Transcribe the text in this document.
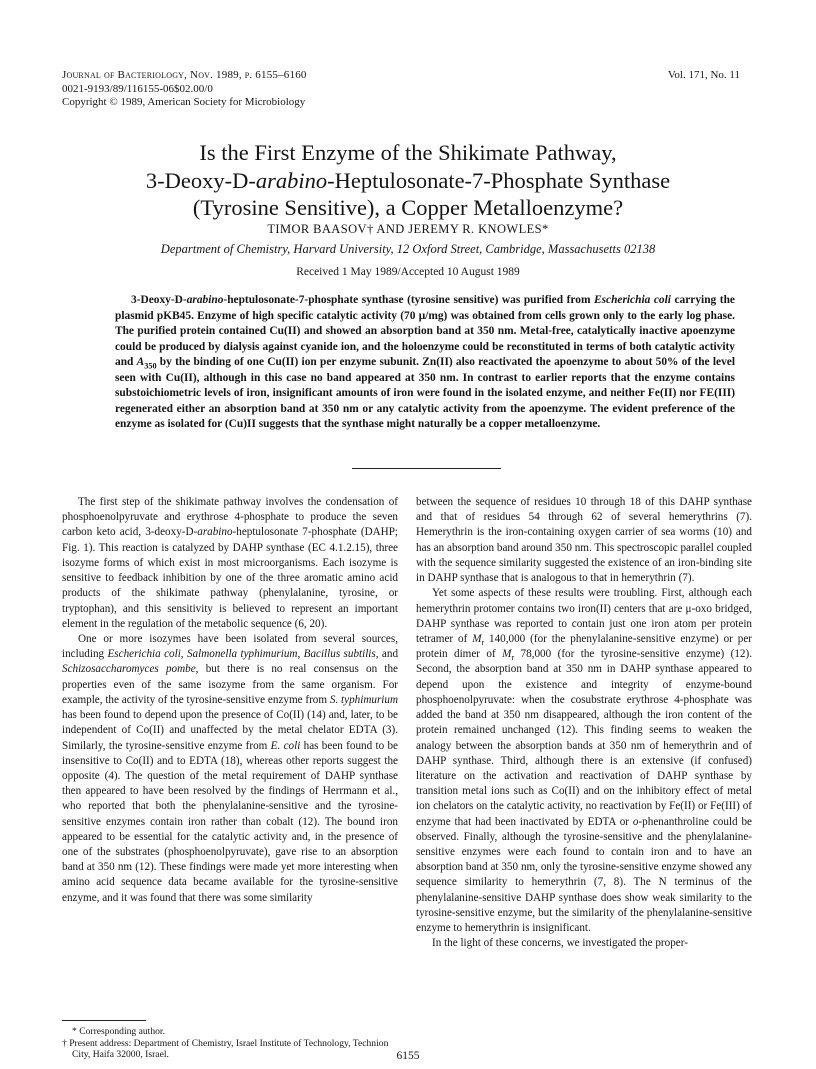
Journal of Bacteriology, Nov. 1989, p. 6155–6160
0021-9193/89/116155-06$02.00/0
Copyright © 1989, American Society for Microbiology
Vol. 171, No. 11
Is the First Enzyme of the Shikimate Pathway,
3-Deoxy-D-arabino-Heptulosonate-7-Phosphate Synthase
(Tyrosine Sensitive), a Copper Metalloenzyme?
TIMOR BAASOV† AND JEREMY R. KNOWLES*
Department of Chemistry, Harvard University, 12 Oxford Street, Cambridge, Massachusetts 02138
Received 1 May 1989/Accepted 10 August 1989
3-Deoxy-D-arabino-heptulosonate-7-phosphate synthase (tyrosine sensitive) was purified from Escherichia coli carrying the plasmid pKB45. Enzyme of high specific catalytic activity (70 μ/mg) was obtained from cells grown only to the early log phase. The purified protein contained Cu(II) and showed an absorption band at 350 nm. Metal-free, catalytically inactive apoenzyme could be produced by dialysis against cyanide ion, and the holoenzyme could be reconstituted in terms of both catalytic activity and $A_{350}$ by the binding of one Cu(II) ion per enzyme subunit. Zn(II) also reactivated the apoenzyme to about 50% of the level seen with Cu(II), although in this case no band appeared at 350 nm. In contrast to earlier reports that the enzyme contains substoichiometric levels of iron, insignificant amounts of iron were found in the isolated enzyme, and neither Fe(II) nor FE(III) regenerated either an absorption band at 350 nm or any catalytic activity from the apoenzyme. The evident preference of the enzyme as isolated for (Cu)II suggests that the synthase might naturally be a copper metalloenzyme.

The first step of the shikimate pathway involves the condensation of phosphoenolpyruvate and erythrose 4-phosphate to produce the seven carbon keto acid, 3-deoxy-D-arabino-heptulosonate 7-phosphate (DAHP; Fig. 1). This reaction is catalyzed by DAHP synthase (EC 4.1.2.15), three isozyme forms of which exist in most microorganisms. Each isozyme is sensitive to feedback inhibition by one of the three aromatic amino acid products of the shikimate pathway (phenylalanine, tyrosine, or tryptophan), and this sensitivity is believed to represent an important element in the regulation of the metabolic sequence (6, 20).

One or more isozymes have been isolated from several sources, including Escherichia coli, Salmonella typhimurium, Bacillus subtilis, and Schizosaccharomyces pombe, but there is no real consensus on the properties even of the same isozyme from the same organism. For example, the activity of the tyrosine-sensitive enzyme from S. typhimurium has been found to depend upon the presence of Co(II) (14) and, later, to be independent of Co(II) and unaffected by the metal chelator EDTA (3). Similarly, the tyrosine-sensitive enzyme from E. coli has been found to be insensitive to Co(II) and to EDTA (18), whereas other reports suggest the opposite (4). The question of the metal requirement of DAHP synthase then appeared to have been resolved by the findings of Herrmann et al., who reported that both the phenylalanine-sensitive and the tyrosine-sensitive enzymes contain iron rather than cobalt (12). The bound iron appeared to be essential for the catalytic activity and, in the presence of one of the substrates (phosphoenolpyruvate), gave rise to an absorption band at 350 nm (12). These findings were made yet more interesting when amino acid sequence data became available for the tyrosine-sensitive enzyme, and it was found that there was some similarity

between the sequence of residues 10 through 18 of this DAHP synthase and that of residues 54 through 62 of several hemerythrins (7). Hemerythrin is the iron-containing oxygen carrier of sea worms (10) and has an absorption band around 350 nm. This spectroscopic parallel coupled with the sequence similarity suggested the existence of an iron-binding site in DAHP synthase that is analogous to that in hemerythrin (7).

Yet some aspects of these results were troubling. First, although each hemerythrin protomer contains two iron(II) centers that are μ-oxo bridged, DAHP synthase was reported to contain just one iron atom per protein tetramer of $M_r$ 140,000 (for the phenylalanine-sensitive enzyme) or per protein dimer of $M_r$ 78,000 (for the tyrosine-sensitive enzyme) (12). Second, the absorption band at 350 nm in DAHP synthase appeared to depend upon the existence and integrity of enzyme-bound phosphoenolpyruvate: when the cosubstrate erythrose 4-phosphate was added the band at 350 nm disappeared, although the iron content of the protein remained unchanged (12). This finding seems to weaken the analogy between the absorption bands at 350 nm of hemerythrin and of DAHP synthase. Third, although there is an extensive (if confused) literature on the activation and reactivation of DAHP synthase by transition metal ions such as Co(II) and on the inhibitory effect of metal ion chelators on the catalytic activity, no reactivation by Fe(II) or Fe(III) of enzyme that had been inactivated by EDTA or o-phenanthroline could be observed. Finally, although the tyrosine-sensitive and the phenylalanine-sensitive enzymes were each found to contain iron and to have an absorption band at 350 nm, only the tyrosine-sensitive enzyme showed any sequence similarity to hemerythrin (7, 8). The N terminus of the phenylalanine-sensitive DAHP synthase does show weak similarity to the tyrosine-sensitive enzyme, but the similarity of the phenylalanine-sensitive enzyme to hemerythrin is insignificant.

In the light of these concerns, we investigated the proper-

* Corresponding author.

† Present address: Department of Chemistry, Israel Institute of Technology, Technion City, Haifa 32000, Israel.	6155
